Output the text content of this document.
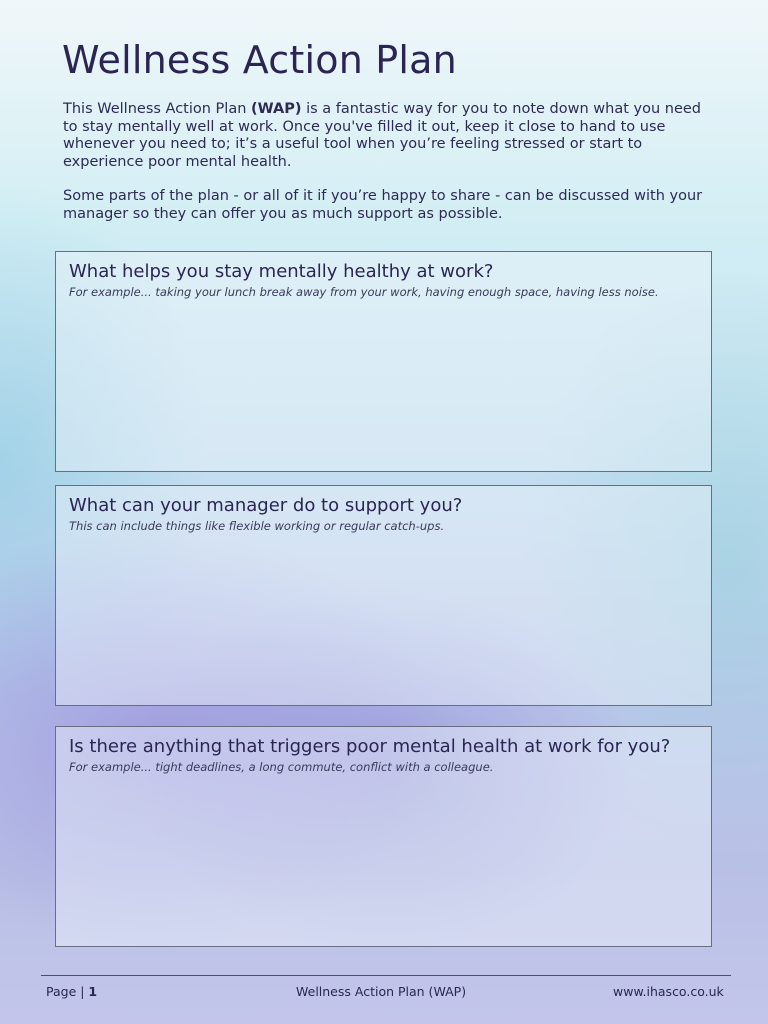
Wellness Action Plan

This Wellness Action Plan (WAP) is a fantastic way for you to note down what you need to stay mentally well at work. Once you've filled it out, keep it close to hand to use whenever you need to; it’s a useful tool when you’re feeling stressed or start to experience poor mental health.

Some parts of the plan - or all of it if you’re happy to share - can be discussed with your manager so they can offer you as much support as possible.

What helps you stay mentally healthy at work?
For example... taking your lunch break away from your work, having enough space, having less noise.
What can your manager do to support you?
This can include things like flexible working or regular catch-ups.
Is there anything that triggers poor mental health at work for you?
For example... tight deadlines, a long commute, conflict with a colleague.
Page | 1	Wellness Action Plan (WAP)	www.ihasco.co.uk
